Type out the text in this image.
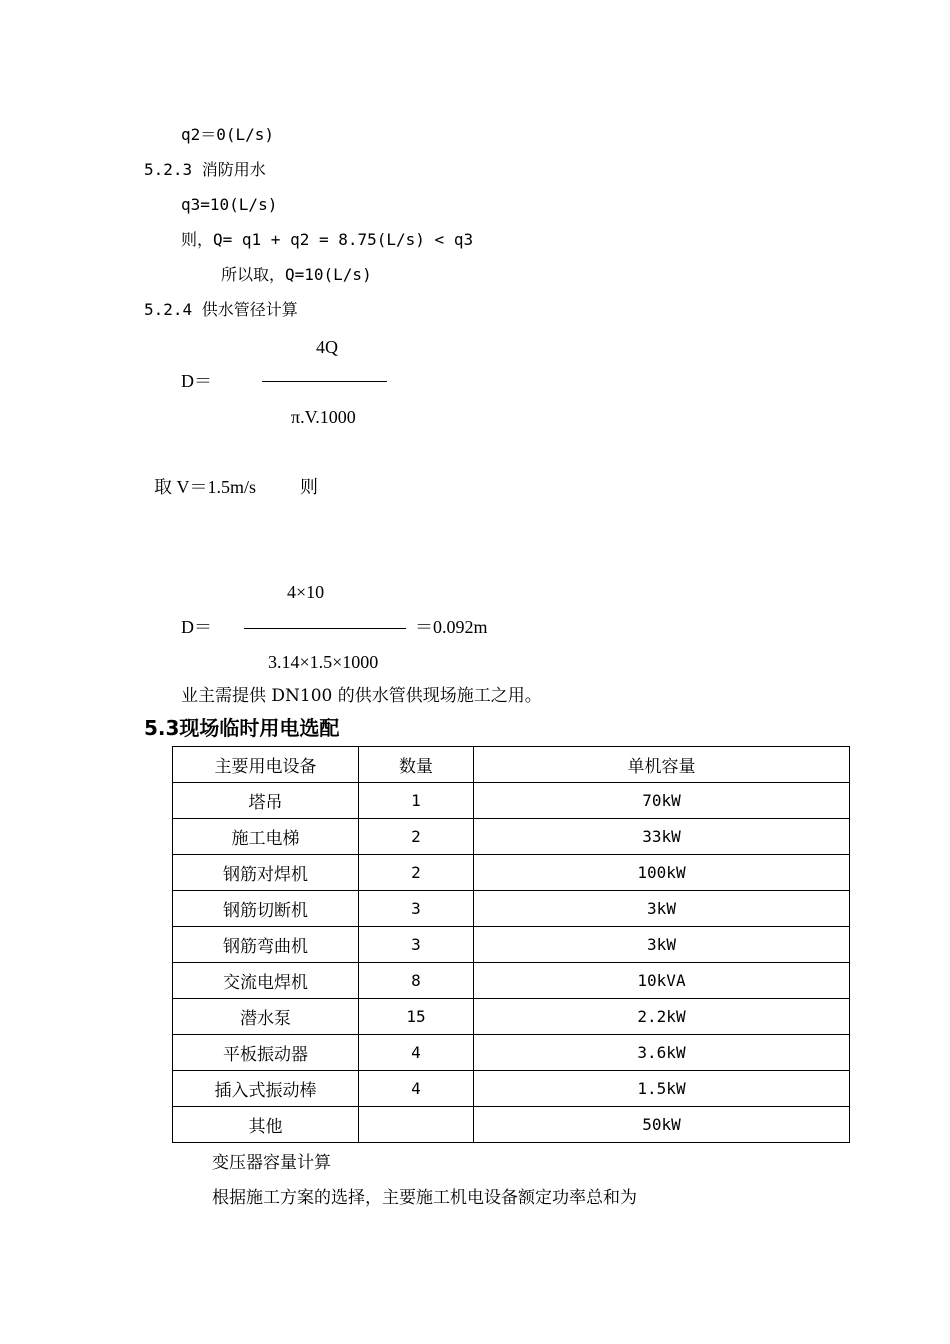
q2＝0(L/s)
5.2.3 消防用水
q3=10(L/s)
则，Q= q1 + q2 = 8.75(L/s) < q3
所以取，Q=10(L/s)
5.2.4 供水管径计算
4Q
D＝
π.V.1000
取 V＝1.5m/s 则
4×10
D＝	＝0.092m
3.14×1.5×1000
业主需提供 DN100 的供水管供现场施工之用。
5.3现场临时用电选配
主要用电设备	数量	单机容量
塔吊	1	70kW
施工电梯	2	33kW
钢筋对焊机	2	100kW
钢筋切断机	3	3kW
钢筋弯曲机	3	3kW
交流电焊机	8	10kVA
潜水泵	15	2.2kW
平板振动器	4	3.6kW
插入式振动棒	4	1.5kW
其他		50kW
变压器容量计算
根据施工方案的选择，主要施工机电设备额定功率总和为
